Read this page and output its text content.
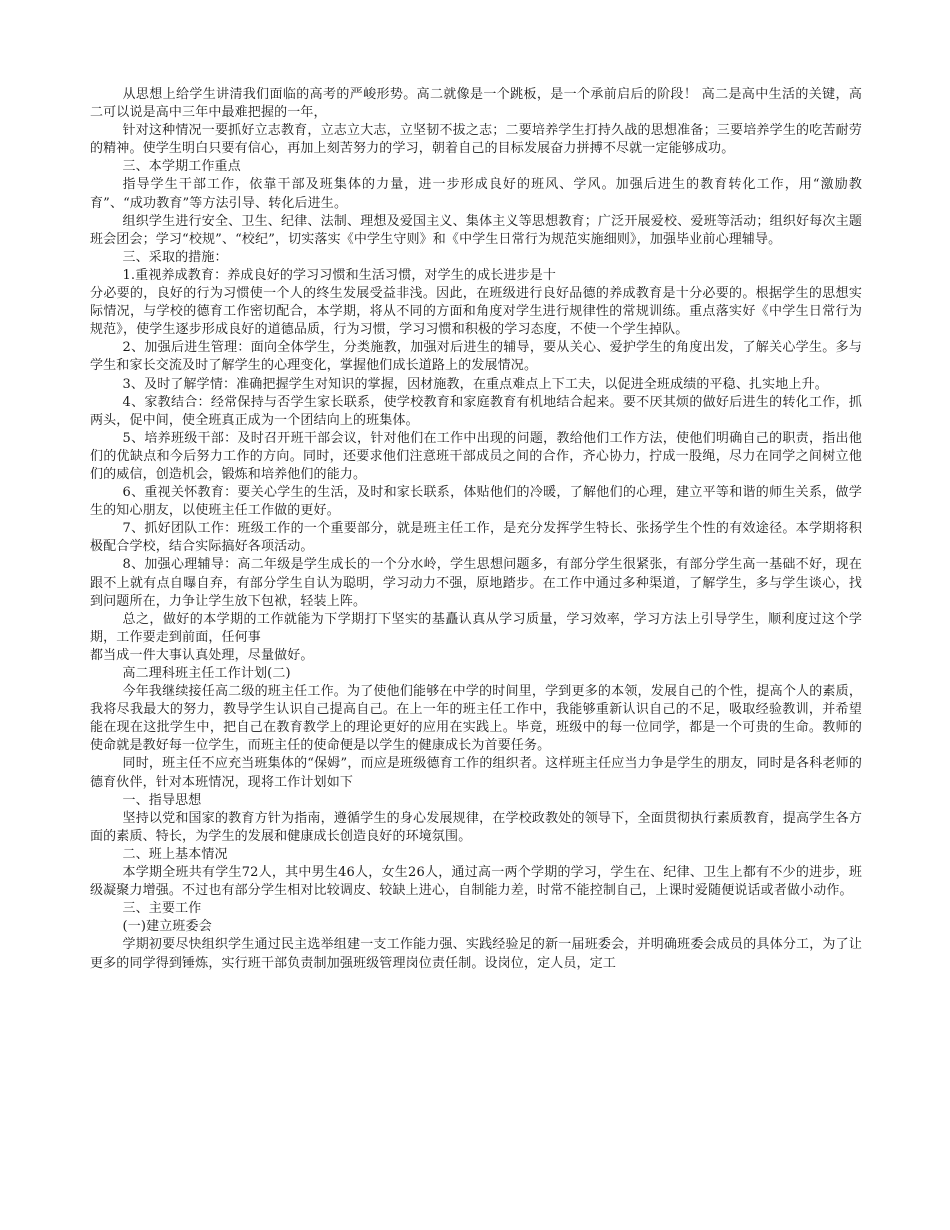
从思想上给学生讲清我们面临的高考的严峻形势。高二就像是一个跳板，是一个承前启后的阶段！ 高二是高中生活的关键，高二可以说是高中三年中最难把握的一年，

针对这种情况一要抓好立志教育，立志立大志，立坚韧不拔之志；二要培养学生打持久战的思想准备；三要培养学生的吃苦耐劳的精神。使学生明白只要有信心，再加上刻苦努力的学习，朝着自己的目标发展奋力拼搏不尽就一定能够成功。

三、本学期工作重点

指导学生干部工作，依靠干部及班集体的力量，进一步形成良好的班风、学风。加强后进生的教育转化工作，用“激励教育”、“成功教育”等方法引导、转化后进生。

组织学生进行安全、卫生、纪律、法制、理想及爱国主义、集体主义等思想教育；广泛开展爱校、爱班等活动；组织好每次主题班会团会；学习“校规”、“校纪”，切实落实《中学生守则》和《中学生日常行为规范实施细则》，加强毕业前心理辅导。

三、采取的措施：

1.重视养成教育：养成良好的学习习惯和生活习惯，对学生的成长进步是十

分必要的，良好的行为习惯使一个人的终生发展受益非浅。因此，在班级进行良好品德的养成教育是十分必要的。根据学生的思想实际情况，与学校的德育工作密切配合，本学期，将从不同的方面和角度对学生进行规律性的常规训练。重点落实好《中学生日常行为规范》，使学生逐步形成良好的道德品质，行为习惯，学习习惯和积极的学习态度，不使一个学生掉队。

2、加强后进生管理：面向全体学生，分类施教，加强对后进生的辅导，要从关心、爱护学生的角度出发，了解关心学生。多与学生和家长交流及时了解学生的心理变化，掌握他们成长道路上的发展情况。

3、及时了解学情：准确把握学生对知识的掌握，因材施教，在重点难点上下工夫，以促进全班成绩的平稳、扎实地上升。

4、家教结合：经常保持与否学生家长联系，使学校教育和家庭教育有机地结合起来。要不厌其烦的做好后进生的转化工作，抓两头，促中间，使全班真正成为一个团结向上的班集体。

5、培养班级干部：及时召开班干部会议，针对他们在工作中出现的问题，教给他们工作方法，使他们明确自己的职责，指出他们的优缺点和今后努力工作的方向。同时，还要求他们注意班干部成员之间的合作，齐心协力，拧成一股绳，尽力在同学之间树立他们的威信，创造机会，锻炼和培养他们的能力。

6、重视关怀教育：要关心学生的生活，及时和家长联系，体贴他们的冷暖，了解他们的心理，建立平等和谐的师生关系，做学生的知心朋友，以使班主任工作做的更好。

7、抓好团队工作：班级工作的一个重要部分，就是班主任工作，是充分发挥学生特长、张扬学生个性的有效途径。本学期将积极配合学校，结合实际搞好各项活动。

8、加强心理辅导：高二年级是学生成长的一个分水岭，学生思想问题多，有部分学生很紧张，有部分学生高一基础不好，现在跟不上就有点自曝自弃，有部分学生自认为聪明，学习动力不强，原地踏步。在工作中通过多种渠道，了解学生，多与学生谈心，找到问题所在，力争让学生放下包袱，轻装上阵。

总之，做好的本学期的工作就能为下学期打下坚实的基矗认真从学习质量，学习效率，学习方法上引导学生，顺利度过这个学期，工作要走到前面，任何事

都当成一件大事认真处理，尽量做好。

高二理科班主任工作计划(二)

今年我继续接任高二级的班主任工作。为了使他们能够在中学的时间里，学到更多的本领，发展自己的个性，提高个人的素质，我将尽我最大的努力，教导学生认识自己提高自己。在上一年的班主任工作中，我能够重新认识自己的不足，吸取经验教训，并希望能在现在这批学生中，把自己在教育教学上的理论更好的应用在实践上。毕竟，班级中的每一位同学，都是一个可贵的生命。教师的使命就是教好每一位学生，而班主任的使命便是以学生的健康成长为首要任务。

同时，班主任不应充当班集体的“保姆”，而应是班级德育工作的组织者。这样班主任应当力争是学生的朋友，同时是各科老师的德育伙伴，针对本班情况，现将工作计划如下

一、指导思想

坚持以党和国家的教育方针为指南，遵循学生的身心发展规律，在学校政教处的领导下，全面贯彻执行素质教育，提高学生各方面的素质、特长，为学生的发展和健康成长创造良好的环境氛围。

二、班上基本情况

本学期全班共有学生72人，其中男生46人，女生26人，通过高一两个学期的学习，学生在、纪律、卫生上都有不少的进步，班级凝聚力增强。不过也有部分学生相对比较调皮、较缺上进心，自制能力差，时常不能控制自己，上课时爱随便说话或者做小动作。

三、主要工作

(一)建立班委会

学期初要尽快组织学生通过民主选举组建一支工作能力强、实践经验足的新一届班委会，并明确班委会成员的具体分工，为了让更多的同学得到锤炼，实行班干部负责制加强班级管理岗位责任制。设岗位，定人员，定工
